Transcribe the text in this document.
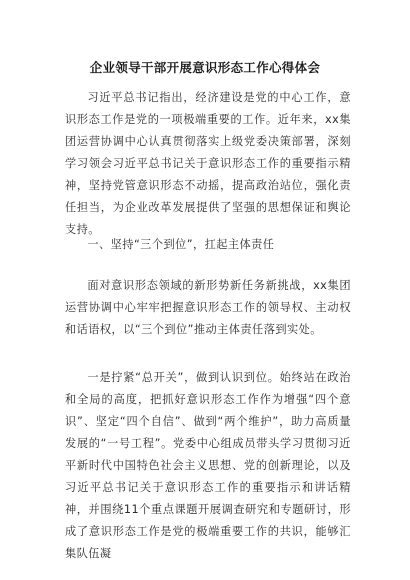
企业领导干部开展意识形态工作心得体会

习近平总书记指出，经济建设是党的中心工作，意识形态工作是党的一项极端重要的工作。近年来，xx集团运营协调中心认真贯彻落实上级党委决策部署，深刻学习领会习近平总书记关于意识形态工作的重要指示精神，坚持党管意识形态不动摇，提高政治站位，强化责任担当，为企业改革发展提供了坚强的思想保证和舆论支持。

一、坚持“三个到位”，扛起主体责任

面对意识形态领域的新形势新任务新挑战，xx集团运营协调中心牢牢把握意识形态工作的领导权、主动权和话语权，以“三个到位”推动主体责任落到实处。

一是拧紧“总开关”，做到认识到位。始终站在政治和全局的高度，把抓好意识形态工作作为增强“四个意识”、坚定“四个自信”、做到“两个维护”，助力高质量发展的“一号工程”。党委中心组成员带头学习贯彻习近平新时代中国特色社会主义思想、党的创新理论，以及习近平总书记关于意识形态工作的重要指示和讲话精神，并围绕11个重点课题开展调查研究和专题研讨，形成了意识形态工作是党的极端重要工作的共识，能够汇集队伍凝
